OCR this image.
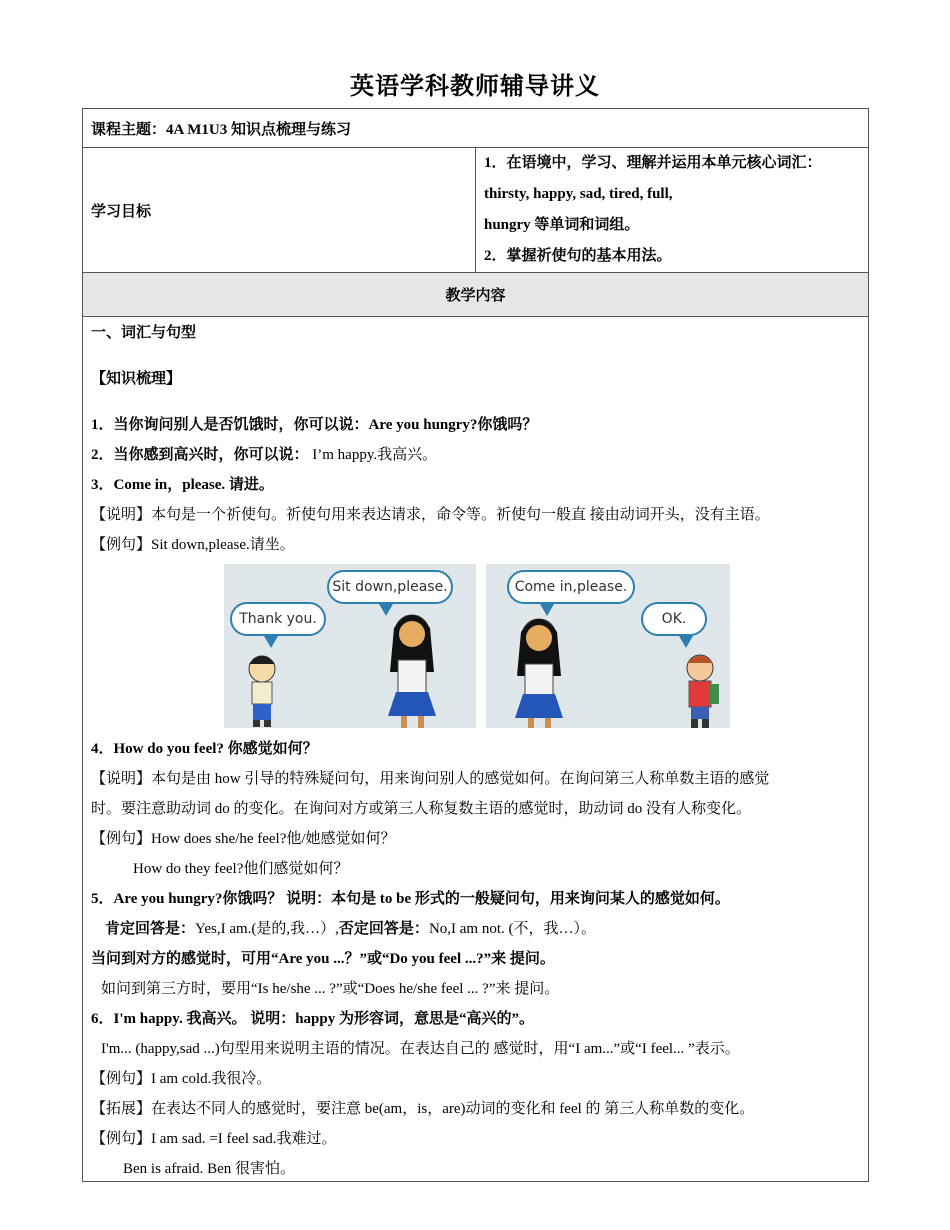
英语学科教师辅导讲义
课程主题：4A M1U3 知识点梳理与练习
学习目标	
1．在语境中，学习、理解并运用本单元核心词汇： thirsty, happy, sad, tired, full,
hungry 等单词和词组。
2．掌握祈使句的基本用法。

教学内容

一、词汇与句型
【知识梳理】
1．当你询问别人是否饥饿时，你可以说：Are you hungry?你饿吗？
2．当你感到高兴时，你可以说： I’m happy.我高兴。
3．Come in，please. 请进。
【说明】本句是一个祈使句。祈使句用来表达请求，命令等。祈使句一般直 接由动词开头，没有主语。
【例句】Sit down,please.请坐。
Sit down,please.
Thank you.
Come in,please.
OK.
4．How do you feel? 你感觉如何？
【说明】本句是由 how 引导的特殊疑问句，用来询问别人的感觉如何。在询问第三人称单数主语的感觉
时。要注意助动词 do 的变化。在询问对方或第三人称复数主语的感觉时，助动词 do 没有人称变化。
【例句】How does she/he feel?他/她感觉如何？
How do they feel?他们感觉如何？
5．Are you hungry?你饿吗？ 说明：本句是 to be 形式的一般疑问句，用来询问某人的感觉如何。
肯定回答是：Yes,I am.(是的,我…）,否定回答是：No,I am not. (不，我…）。
当问到对方的感觉时，可用“Are you ...？”或“Do you feel ...?”来 提问。
如问到第三方时，要用“Is he/she ... ?”或“Does he/she feel ... ?”来 提问。
6．I'm happy. 我高兴。 说明：happy 为形容词，意思是“高兴的”。
I'm... (happy,sad ...)句型用来说明主语的情况。在表达自己的 感觉时，用“I am...”或“I feel... ”表示。
【例句】I am cold.我很冷。
【拓展】在表达不同人的感觉时，要注意 be(am，is，are)动词的变化和 feel 的 第三人称单数的变化。
【例句】I am sad. =I feel sad.我难过。
Ben is afraid. Ben 很害怕。
